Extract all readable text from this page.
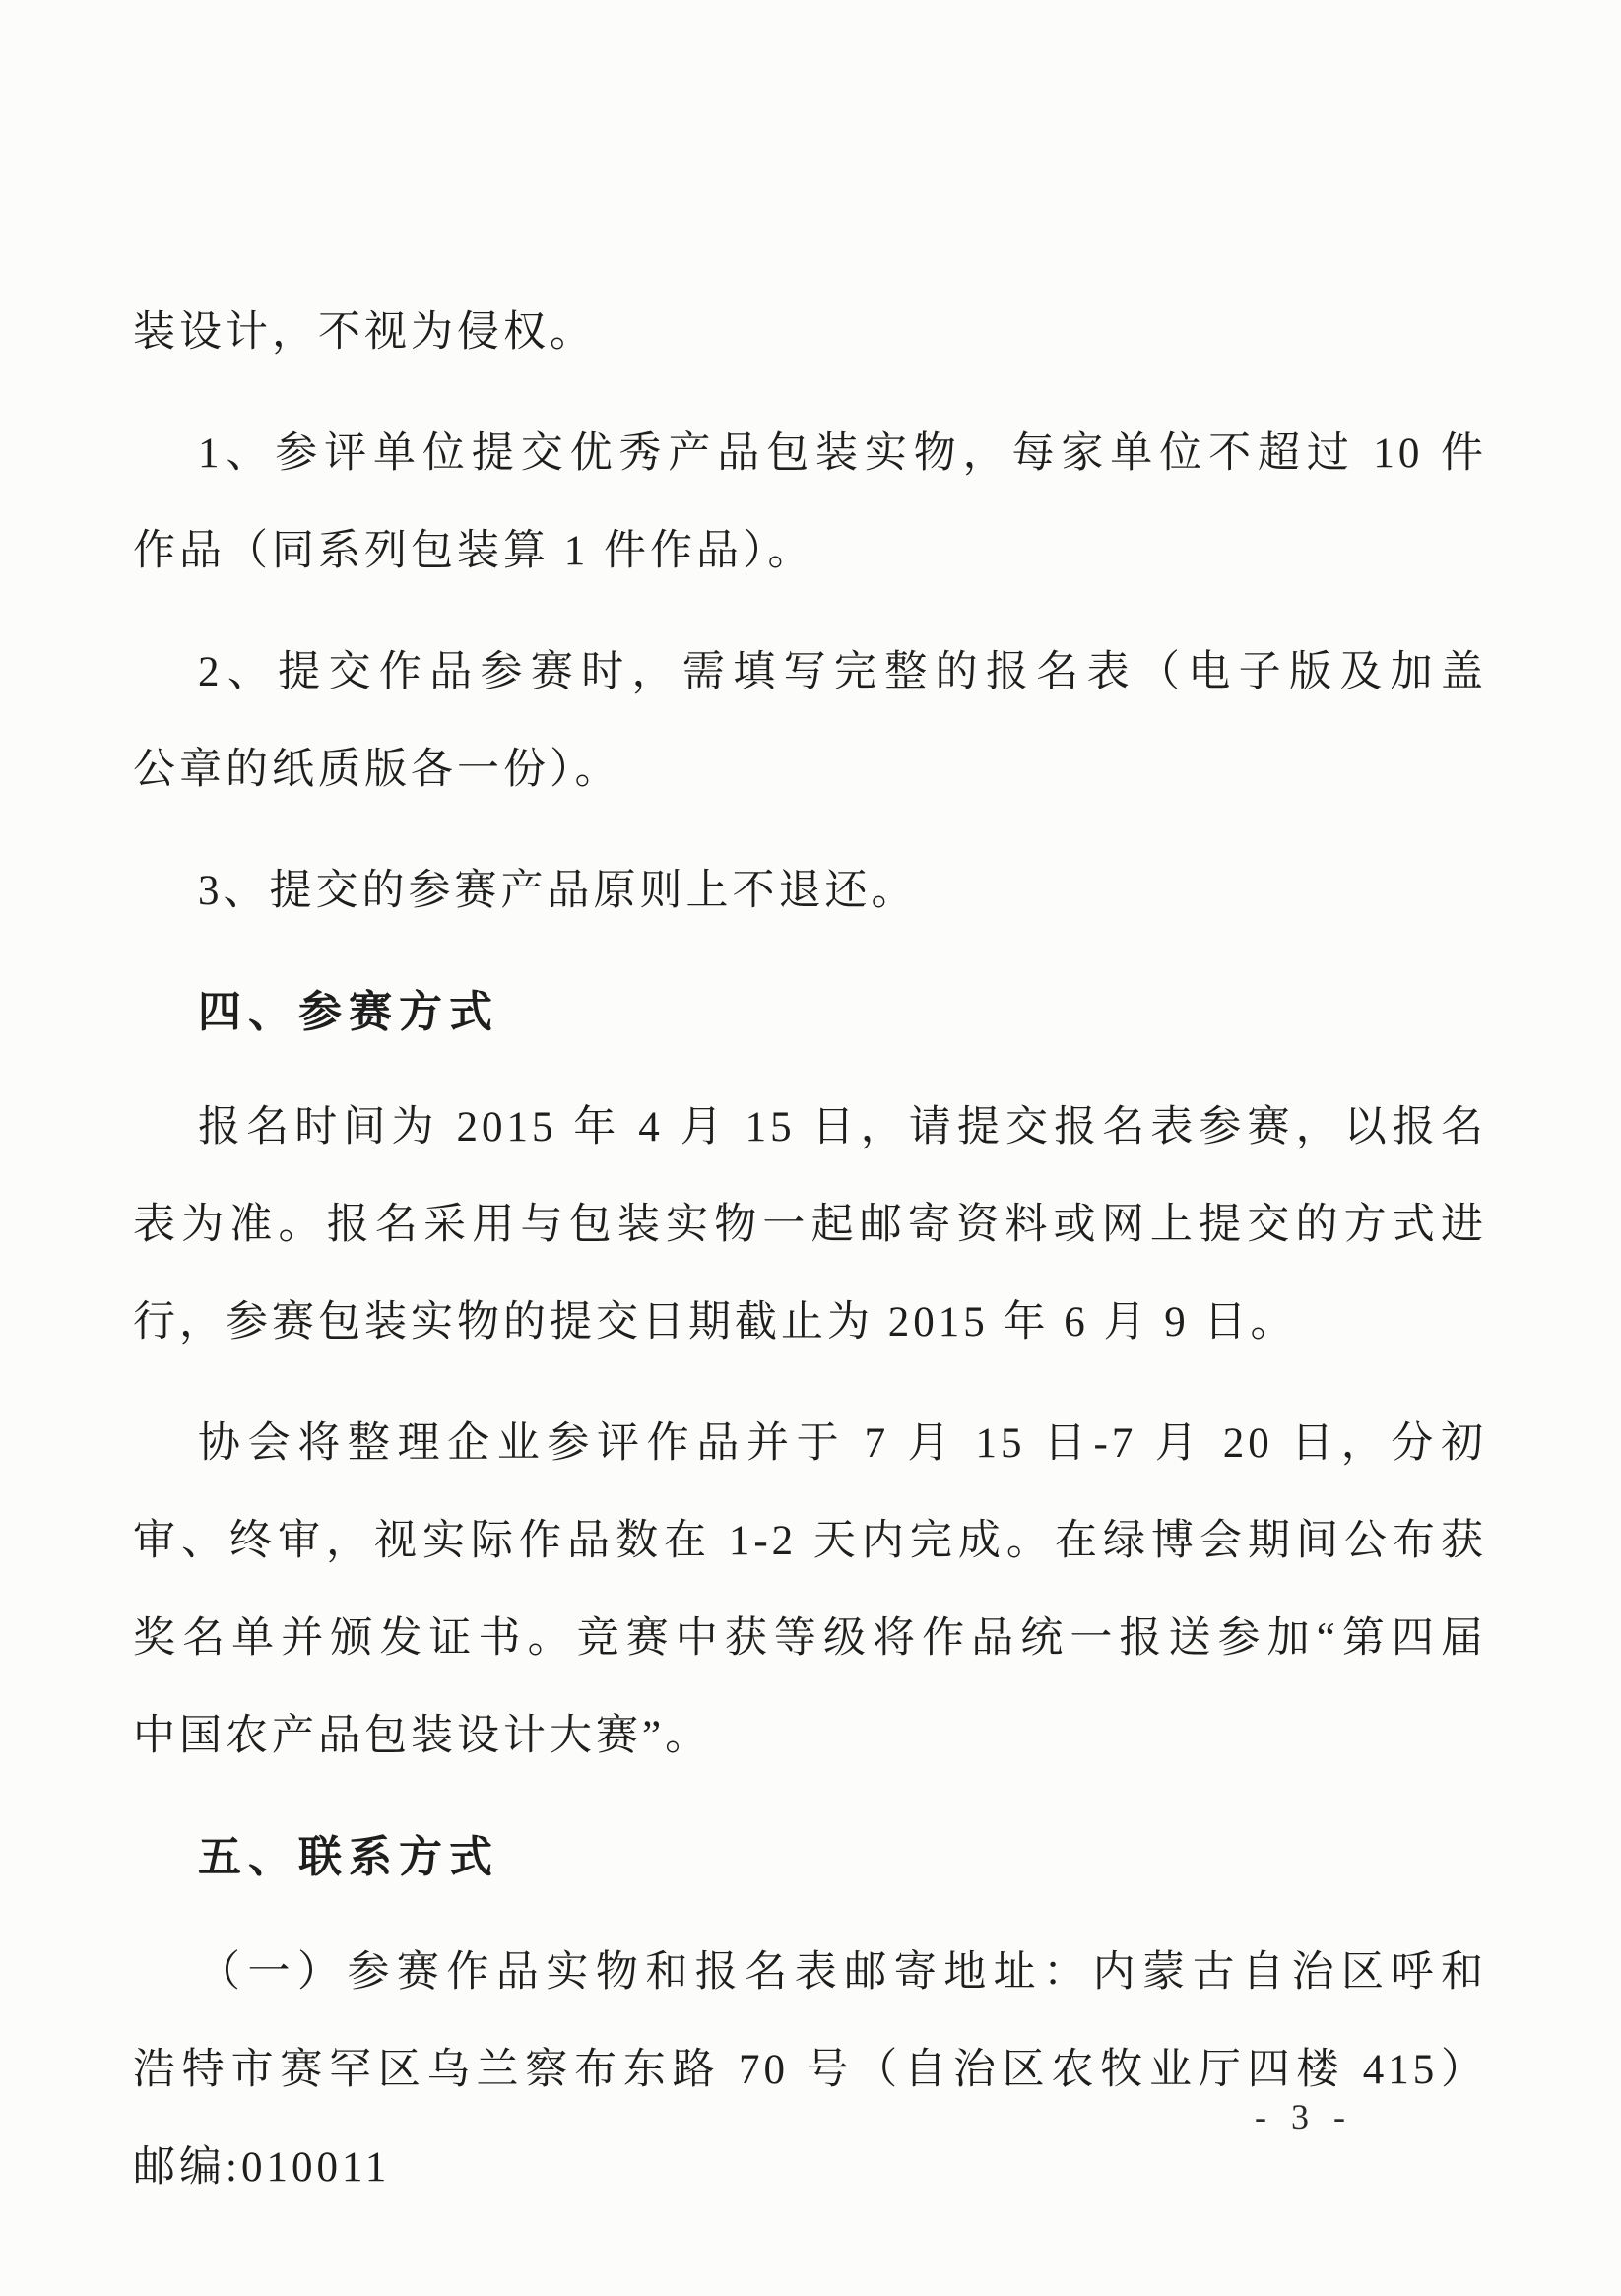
装设计，不视为侵权。

1、参评单位提交优秀产品包装实物，每家单位不超过 10 件

作品（同系列包装算 1 件作品）。

2、提交作品参赛时，需填写完整的报名表（电子版及加盖

公章的纸质版各一份）。

3、提交的参赛产品原则上不退还。

四、参赛方式

报名时间为 2015 年 4 月 15 日，请提交报名表参赛，以报名

表为准。报名采用与包装实物一起邮寄资料或网上提交的方式进

行，参赛包装实物的提交日期截止为 2015 年 6 月 9 日。

协会将整理企业参评作品并于 7 月 15 日-7 月 20 日，分初

审、终审，视实际作品数在 1-2 天内完成。在绿博会期间公布获

奖名单并颁发证书。竞赛中获等级将作品统一报送参加“第四届

中国农产品包装设计大赛”。

五、联系方式

（一）参赛作品实物和报名表邮寄地址：内蒙古自治区呼和

浩特市赛罕区乌兰察布东路 70 号（自治区农牧业厅四楼 415）

邮编:010011

- 3 -
